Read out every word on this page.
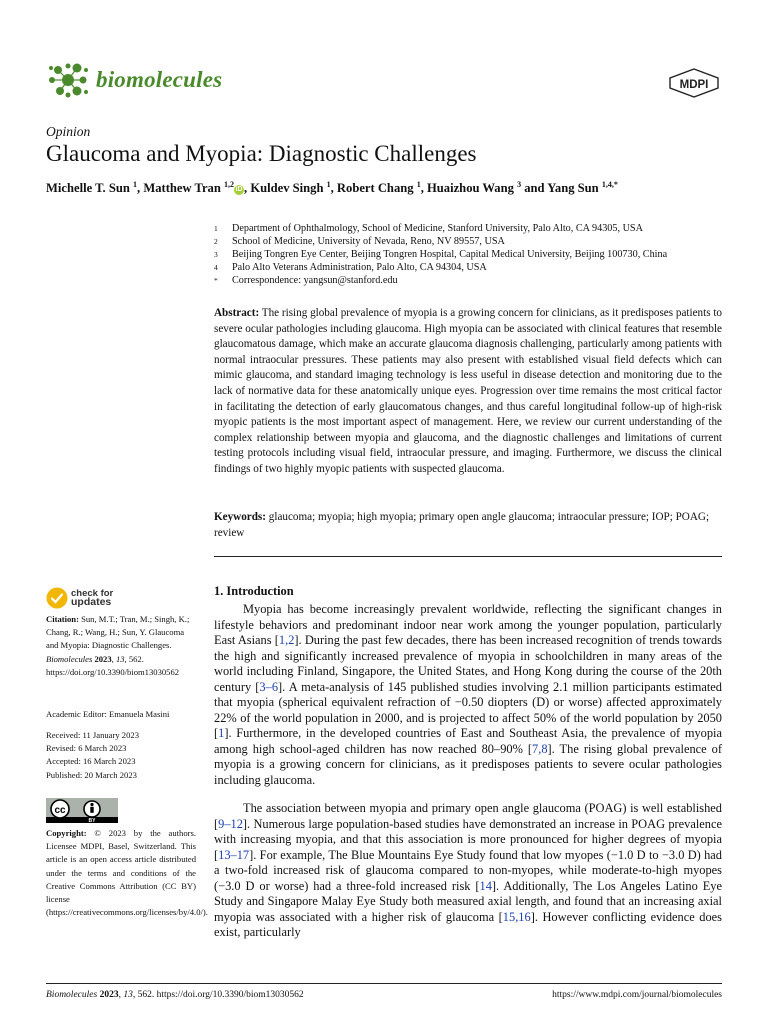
biomolecules	MDPI
Opinion
Glaucoma and Myopia: Diagnostic Challenges
Michelle T. Sun $^1$, Matthew Tran $^{1,2}$iD , Kuldev Singh $^1$, Robert Chang $^1$, Huaizhou Wang $^3$ and Yang Sun $^{1,4,*}$
1	Department of Ophthalmology, School of Medicine, Stanford University, Palo Alto, CA 94305, USA
2	School of Medicine, University of Nevada, Reno, NV 89557, USA
3	Beijing Tongren Eye Center, Beijing Tongren Hospital, Capital Medical University, Beijing 100730, China
4	Palo Alto Veterans Administration, Palo Alto, CA 94304, USA
*	Correspondence: yangsun@stanford.edu

Abstract: The rising global prevalence of myopia is a growing concern for clinicians, as it predisposes patients to severe ocular pathologies including glaucoma. High myopia can be associated with clinical features that resemble glaucomatous damage, which make an accurate glaucoma diagnosis challenging, particularly among patients with normal intraocular pressures. These patients may also present with established visual field defects which can mimic glaucoma, and standard imaging technology is less useful in disease detection and monitoring due to the lack of normative data for these anatomically unique eyes. Progression over time remains the most critical factor in facilitating the detection of early glaucomatous changes, and thus careful longitudinal follow-up of high-risk myopic patients is the most important aspect of management. Here, we review our current understanding of the complex relationship between myopia and glaucoma, and the diagnostic challenges and limitations of current testing protocols including visual field, intraocular pressure, and imaging. Furthermore, we discuss the clinical findings of two highly myopic patients with suspected glaucoma.

Keywords: glaucoma; myopia; high myopia; primary open angle glaucoma; intraocular pressure; IOP; POAG; review

check for
updates
Citation: Sun, M.T.; Tran, M.; Singh, K.; Chang, R.; Wang, H.; Sun, Y. Glaucoma and Myopia: Diagnostic Challenges. Biomolecules 2023, 13, 562. https://doi.org/10.3390/biom13030562
Academic Editor: Emanuela Masini
Received: 11 January 2023
Revised: 6 March 2023
Accepted: 16 March 2023
Published: 20 March 2023
cc
BY
Copyright: © 2023 by the authors. Licensee MDPI, Basel, Switzerland. This article is an open access article distributed under the terms and conditions of the Creative Commons Attribution (CC BY) license (https://creativecommons.org/licenses/by/4.0/).
1. Introduction

Myopia has become increasingly prevalent worldwide, reflecting the significant changes in lifestyle behaviors and predominant indoor near work among the younger population, particularly East Asians [1,2]. During the past few decades, there has been increased recognition of trends towards the high and significantly increased prevalence of myopia in schoolchildren in many areas of the world including Finland, Singapore, the United States, and Hong Kong during the course of the 20th century [3–6]. A meta-analysis of 145 published studies involving 2.1 million participants estimated that myopia (spherical equivalent refraction of −0.50 diopters (D) or worse) affected approximately 22% of the world population in 2000, and is projected to affect 50% of the world population by 2050 [1]. Furthermore, in the developed countries of East and Southeast Asia, the prevalence of myopia among high school-aged children has now reached 80–90% [7,8]. The rising global prevalence of myopia is a growing concern for clinicians, as it predisposes patients to severe ocular pathologies including glaucoma.

The association between myopia and primary open angle glaucoma (POAG) is well established [9–12]. Numerous large population-based studies have demonstrated an increase in POAG prevalence with increasing myopia, and that this association is more pronounced for higher degrees of myopia [13–17]. For example, The Blue Mountains Eye Study found that low myopes (−1.0 D to −3.0 D) had a two-fold increased risk of glaucoma compared to non-myopes, while moderate-to-high myopes (−3.0 D or worse) had a three-fold increased risk [14]. Additionally, The Los Angeles Latino Eye Study and Singapore Malay Eye Study both measured axial length, and found that an increasing axial myopia was associated with a higher risk of glaucoma [15,16]. However conflicting evidence does exist, particularly

Biomolecules 2023, 13, 562. https://doi.org/10.3390/biom13030562	https://www.mdpi.com/journal/biomolecules
